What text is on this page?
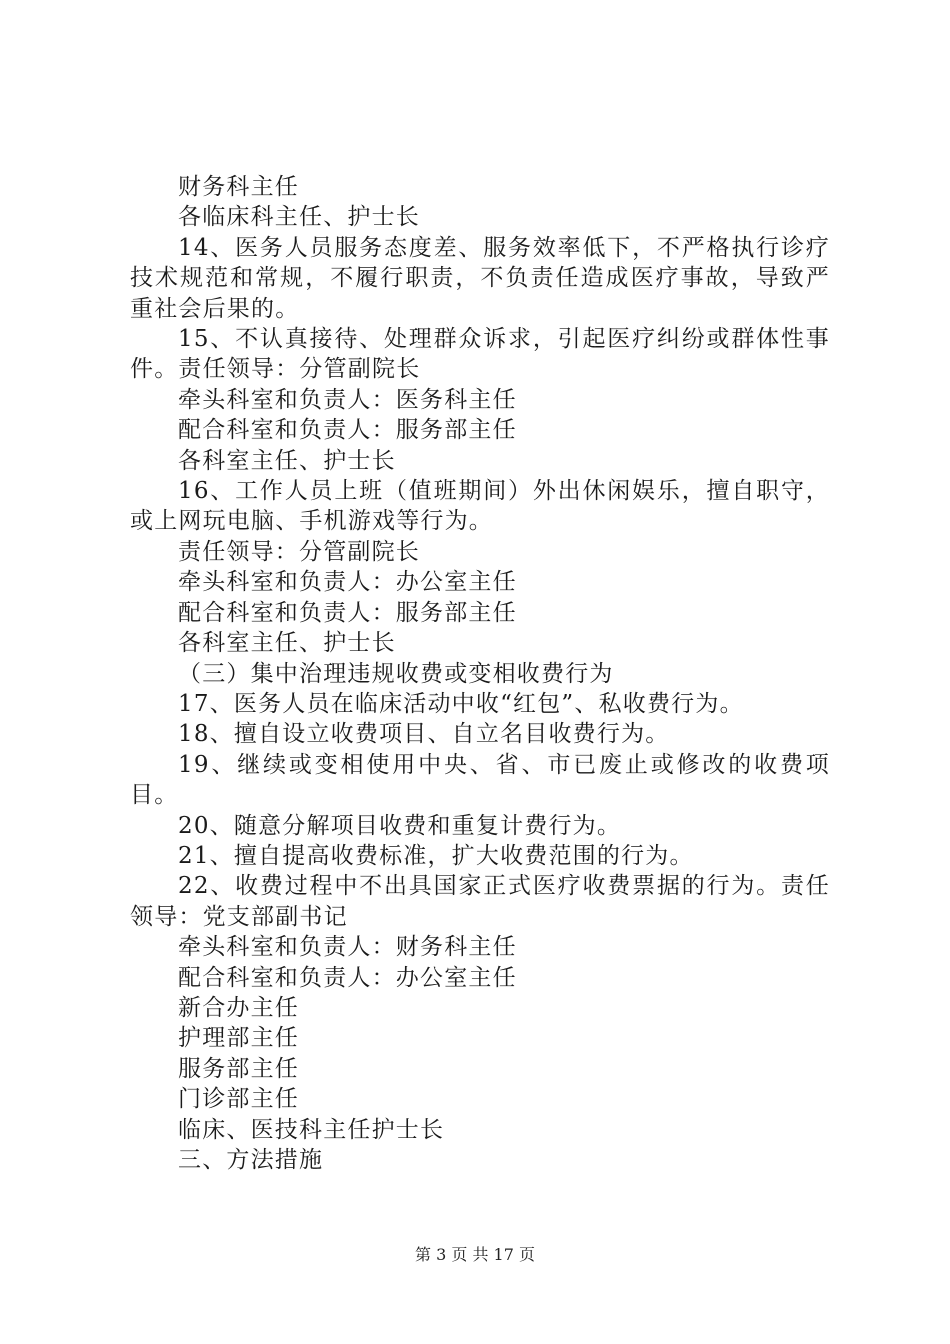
财务科主任

各临床科主任、护士长

14、医务人员服务态度差、服务效率低下，不严格执行诊疗技术规范和常规，不履行职责，不负责任造成医疗事故，导致严重社会后果的。

15、不认真接待、处理群众诉求，引起医疗纠纷或群体性事件。责任领导：分管副院长

牵头科室和负责人：医务科主任

配合科室和负责人：服务部主任

各科室主任、护士长

16、工作人员上班（值班期间）外出休闲娱乐，擅自职守，或上网玩电脑、手机游戏等行为。

责任领导：分管副院长

牵头科室和负责人：办公室主任

配合科室和负责人：服务部主任

各科室主任、护士长

（三）集中治理违规收费或变相收费行为

17、医务人员在临床活动中收“红包”、私收费行为。

18、擅自设立收费项目、自立名目收费行为。

19、继续或变相使用中央、省、市已废止或修改的收费项目。

20、随意分解项目收费和重复计费行为。

21、擅自提高收费标准，扩大收费范围的行为。

22、收费过程中不出具国家正式医疗收费票据的行为。责任领导：党支部副书记

牵头科室和负责人：财务科主任

配合科室和负责人：办公室主任

新合办主任

护理部主任

服务部主任

门诊部主任

临床、医技科主任护士长

三、方法措施

第 3 页 共 17 页
